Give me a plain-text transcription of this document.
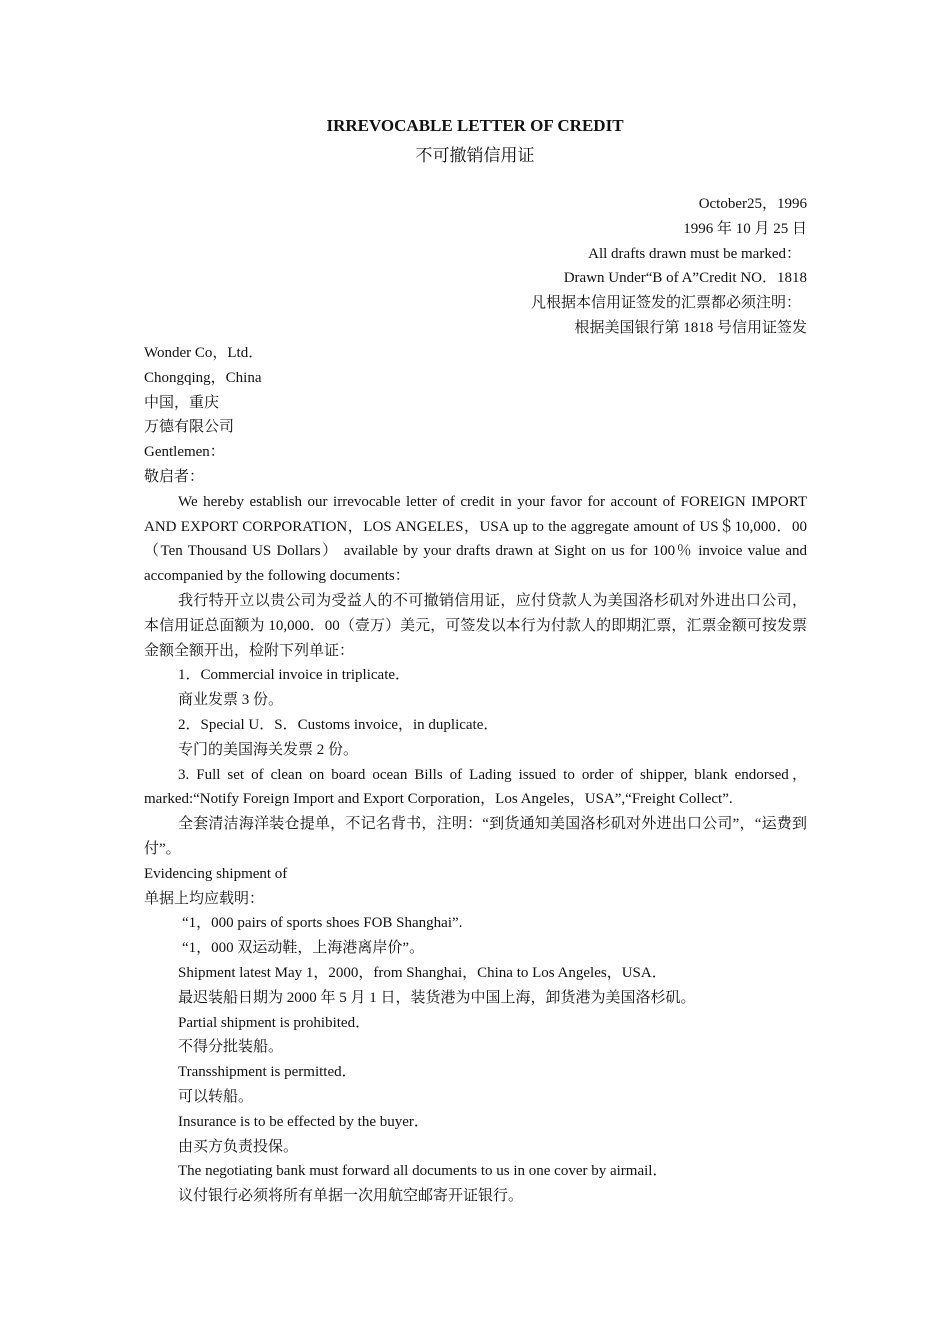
IRREVOCABLE LETTER OF CREDIT
不可撤销信用证
October25，1996
1996 年 10 月 25 日
All drafts drawn must be marked：
Drawn Under“B of A”Credit NO．1818
凡根据本信用证签发的汇票都必须注明：
根据美国银行第 1818 号信用证签发
Wonder Co，Ltd．
Chongqing，China
中国，重庆
万德有限公司
Gentlemen：
敬启者：
We hereby establish our irrevocable letter of credit in your favor for account of FOREIGN IMPORT AND EXPORT CORPORATION，LOS ANGELES，USA up to the aggregate amount of US＄10,000．00（Ten Thousand US Dollars） available by your drafts drawn at Sight on us for 100％ invoice value and accompanied by the following documents：
我行特开立以贵公司为受益人的不可撤销信用证，应付贷款人为美国洛杉矶对外进出口公司，本信用证总面额为 10,000．00（壹万）美元，可签发以本行为付款人的即期汇票，汇票金额可按发票金额全额开出，检附下列单证：
1．Commercial invoice in triplicate．
商业发票 3 份。
2．Special U．S．Customs invoice，in duplicate．
专门的美国海关发票 2 份。
3. Full set of clean on board ocean Bills of Lading issued to order of shipper, blank endorsed，marked:“Notify Foreign Import and Export Corporation，Los Angeles，USA”,“Freight Collect”.
全套清洁海洋装仓提单，不记名背书，注明：“到货通知美国洛杉矶对外进出口公司”，“运费到付”。
Evidencing shipment of
单据上均应载明：
“1，000 pairs of sports shoes FOB Shanghai”.
“1，000 双运动鞋，上海港离岸价”。
Shipment latest May 1，2000，from Shanghai，China to Los Angeles，USA．
最迟装船日期为 2000 年 5 月 1 日，装货港为中国上海，卸货港为美国洛杉矶。
Partial shipment is prohibited．
不得分批装船。
Transshipment is permitted．
可以转船。
Insurance is to be effected by the buyer．
由买方负责投保。
The negotiating bank must forward all documents to us in one cover by airmail．
议付银行必须将所有单据一次用航空邮寄开证银行。
